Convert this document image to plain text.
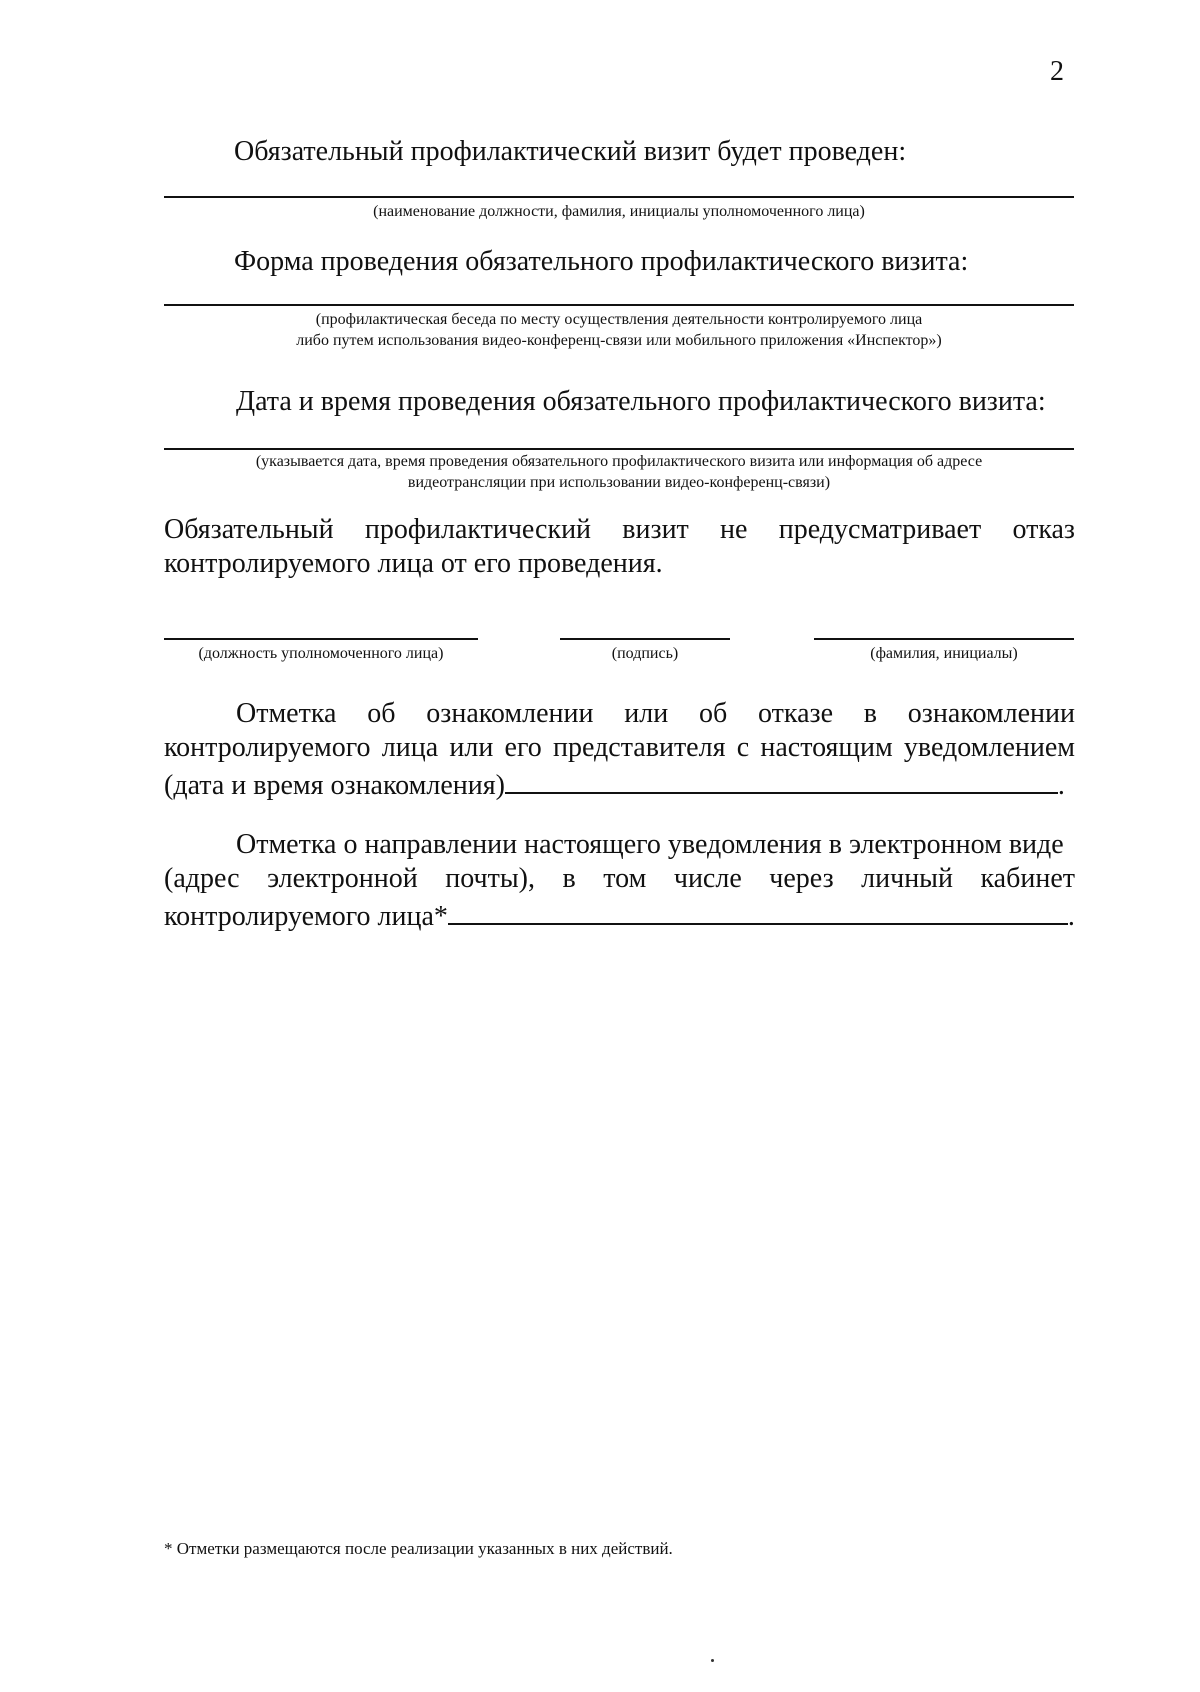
2
Обязательный профилактический визит будет проведен:
(наименование должности, фамилия, инициалы уполномоченного лица)
Форма проведения обязательного профилактического визита:
(профилактическая беседа по месту осуществления деятельности контролируемого лица
либо путем использования видео-конференц-связи или мобильного приложения «Инспектор»)
Дата и время проведения обязательного профилактического визита:
(указывается дата, время проведения обязательного профилактического визита или информация об адресе
видеотрансляции при использовании видео-конференц-связи)
Обязательный профилактический визит не предусматривает отказ
контролируемого лица от его проведения.
(должность уполномоченного лица)	(подпись)	(фамилия, инициалы)
Отметка об ознакомлении или об отказе в ознакомлении
контролируемого лица или его представителя с настоящим уведомлением
(дата и время ознакомления)	.
Отметка о направлении настоящего уведомления в электронном виде
(адрес электронной почты), в том числе через личный кабинет
контролируемого лица*	.
* Отметки размещаются после реализации указанных в них действий.
